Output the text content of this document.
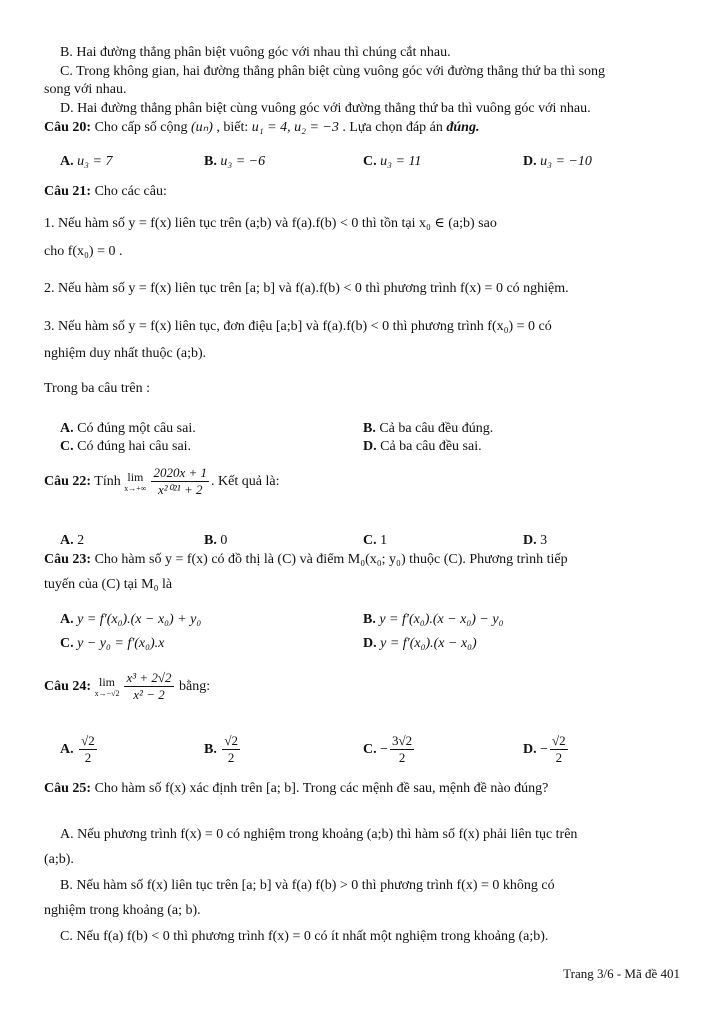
B. Hai đường thẳng phân biệt vuông góc với nhau thì chúng cắt nhau.
C. Trong không gian, hai đường thẳng phân biệt cùng vuông góc với đường thẳng thứ ba thì song
song với nhau.
D. Hai đường thẳng phân biệt cùng vuông góc với đường thẳng thứ ba thì vuông góc với nhau.
Câu 20: Cho cấp số cộng (uₙ) , biết: u₁ = 4, u₂ = −3 . Lựa chọn đáp án đúng.
A. u₃ = 7	B. u₃ = −6	C. u₃ = 11	D. u₃ = −10
Câu 21: Cho các câu:
1. Nếu hàm số y = f(x) liên tục trên (a;b) và f(a).f(b) < 0 thì tồn tại x₀ ∈ (a;b) sao
cho f(x₀) = 0 .
2. Nếu hàm số y = f(x) liên tục trên [a; b] và f(a).f(b) < 0 thì phương trình f(x) = 0 có nghiệm.
3. Nếu hàm số y = f(x) liên tục, đơn điệu [a;b] và f(a).f(b) < 0 thì phương trình f(x₀) = 0 có
nghiệm duy nhất thuộc (a;b).
Trong ba câu trên :
A. Có đúng một câu sai.	B. Cả ba câu đều đúng.
C. Có đúng hai câu sai.	D. Cả ba câu đều sai.
Câu 22: Tính lim
$x\to+\infty \frac{2020x + 1}{\text{x²⁰²¹ + 2}}$ . Kết quả là:
A. 2	B. 0	C. 1	D. 3
Câu 23: Cho hàm số y = f(x) có đồ thị là (C) và điểm M₀(x₀; y₀) thuộc (C). Phương trình tiếp
tuyến của (C) tại M₀ là
A. y = f′(x₀).(x − x₀) + y₀	B. y = f′(x₀).(x − x₀) − y₀
C. y − y₀ = f′(x₀).x	D. y = f′(x₀).(x − x₀)
Câu 24: lim
$x\to-√2 \frac{\text{x³ + 2√2}}{\text{x² − 2}}$ bằng:
A. $\frac{√2}{2}$	B. $\frac{√2}{2}$	C. − $\frac{3√2}{2}$	D. − $\frac{√2}{2}$
Câu 25: Cho hàm số f(x) xác định trên [a; b]. Trong các mệnh đề sau, mệnh đề nào đúng?
A. Nếu phương trình f(x) = 0 có nghiệm trong khoảng (a;b) thì hàm số f(x) phải liên tục trên
(a;b).
B. Nếu hàm số f(x) liên tục trên [a; b] và f(a) f(b) > 0 thì phương trình f(x) = 0 không có
nghiệm trong khoảng (a; b).
C. Nếu f(a) f(b) < 0 thì phương trình f(x) = 0 có ít nhất một nghiệm trong khoảng (a;b).
Trang 3/6 - Mã đề 401
